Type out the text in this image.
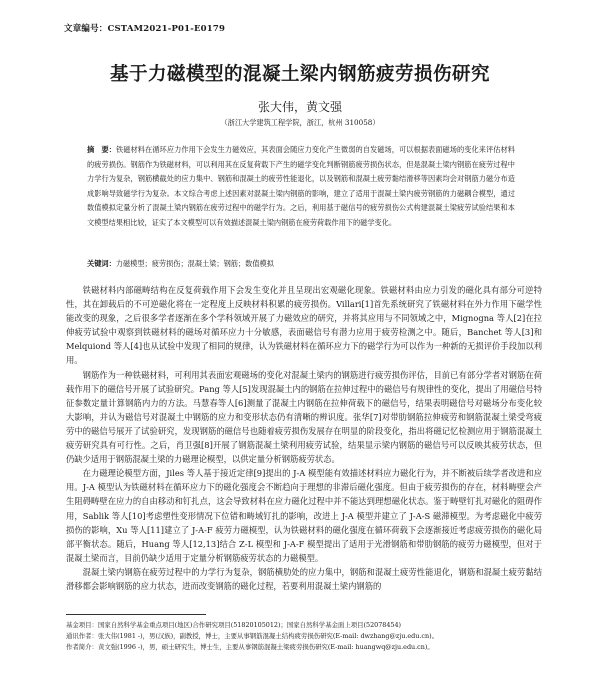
文章编号：CSTAM2021-P01-E0179
基于力磁模型的混凝土梁内钢筋疲劳损伤研究
张大伟，黄文强
（浙江大学建筑工程学院，浙江，杭州 310058）
摘　要：铁磁材料在循环应力作用下会发生力磁效应，其表面会随应力变化产生微弱的自发磁场，可以根据表面磁场的变化来评估材料的疲劳损伤。钢筋作为铁磁材料，可以利用其在反复荷载下产生的磁学变化判断钢筋疲劳损伤状态，但是混凝土梁内钢筋在疲劳过程中力学行为复杂，钢筋横截处的应力集中、钢筋和混凝土的疲劳性能退化，以及钢筋和混凝土疲劳黏结滑移等因素均会对钢筋力磁分布造成影响导致磁学行为复杂。本文综合考虑上述因素对混凝土梁内钢筋的影响，建立了适用于混凝土梁内疲劳钢筋的力磁耦合模型，通过数值模拟定量分析了混凝土梁内钢筋在疲劳过程中的磁学行为。之后，利用基于磁信号的疲劳损伤公式构建混凝土梁疲劳试验结果和本文模型结果相比较，证实了本文模型可以有效描述混凝土梁内钢筋在疲劳荷载作用下的磁学变化。
关键词：力磁模型；疲劳损伤；混凝土梁；钢筋；数值模拟

铁磁材料内部磁畴结构在反复荷载作用下会发生变化并且呈现出宏观磁化现象。铁磁材料由应力引发的磁化具有部分可逆特性，其在卸载后的不可逆磁化将在一定程度上反映材料积累的疲劳损伤。Villari[1]首先系统研究了铁磁材料在外力作用下磁学性能改变的现象，之后很多学者逐渐在多个学科领域开展了力磁效应的研究，并将其应用与不同领域之中，Mignogna 等人[2]在拉伸疲劳试验中观察到铁磁材料的磁场对循环应力十分敏感，表面磁信号有潜力应用于疲劳检测之中。随后，Banchet 等人[3]和 Melquiond 等人[4]也从试验中发现了相同的规律，认为铁磁材料在循环应力下的磁学行为可以作为一种新的无损评价手段加以利用。

钢筋作为一种铁磁材料，可利用其表面宏观磁场的变化对混凝土梁内的钢筋进行疲劳损伤评估，目前已有部分学者对钢筋在荷载作用下的磁信号开展了试验研究。Pang 等人[5]发现混凝土内的钢筋在拉伸过程中的磁信号有规律性的变化，提出了用磁信号特征参数定量计算钢筋内力的方法。马慧春等人[6]测量了混凝土内钢筋在拉伸荷载下的磁信号，结果表明磁信号对磁场分布变化较大影响，并认为磁信号对混凝土中钢筋的应力和变形状态仍有清晰的辨识度。张华[7]对带肋钢筋拉伸疲劳和钢筋混凝土梁受弯疲劳中的磁信号展开了试验研究，发现钢筋的磁信号也随着疲劳损伤发展存在明显的阶段变化，指出将磁记忆检测应用于钢筋混凝土疲劳研究具有可行性。之后，肖卫强[8]开展了钢筋混凝土梁利用疲劳试验，结果显示梁内钢筋的磁信号可以反映其疲劳状态，但仍缺少适用于钢筋混凝土梁的力磁理论模型，以供定量分析钢筋疲劳状态。

在力磁理论模型方面，Jiles 等人基于接近定律[9]提出的 J-A 模型能有效描述材料应力磁化行为，并不断被后续学者改进和应用。J-A 模型认为铁磁材料在循环应力下的磁化强度会不断趋向于理想的非滞后磁化强度。但由于疲劳损伤的存在，材料畴壁会产生阻碍畴壁在应力的自由移动和钉扎点，这会导致材料在应力磁化过程中并不能达到理想磁化状态。鉴于畴壁钉扎对磁化的阻碍作用，Sablik 等人[10]考虑塑性变形情况下位错和畴域钉扎的影响，改进上 J-A 模型并建立了 J-A-S 磁滞模型。为考虑磁化中疲劳损伤的影响，Xu 等人[11]建立了 J-A-F 疲劳力磁模型，认为铁磁材料的磁化强度在循环荷载下会逐渐接近考虑疲劳损伤的磁化局部平衡状态。随后，Huang 等人[12,13]结合 Z-L 模型和 J-A-F 模型提出了适用于光滑钢筋和带肋钢筋的疲劳力磁模型，但对于混凝土梁而言，目前仍缺少适用于定量分析钢筋疲劳状态的力磁模型。

混凝土梁内钢筋在疲劳过程中的力学行为复杂，钢筋横肋处的应力集中，钢筋和混凝土疲劳性能退化，钢筋和混凝土疲劳黏结滑移都会影响钢筋的应力状态，进而改变钢筋的磁化过程，若要利用混凝土梁内钢筋的

基金项目：国家自然科学基金重点项目(地区)合作研究项目(51820105012)；国家自然科学基金面上项目(52078454)
通讯作者：张大伟(1981 -)，男(汉族)，副教授，博士，主要从事钢筋混凝土结构疲劳损伤研究(E-mail: dwzhang@zju.edu.cn)。
作者简介：黄文强(1996 -)，男，硕士研究生，博士生，主要从事钢筋混凝土梁疲劳损伤研究(E-mail: huangwq@zju.edu.cn)。
